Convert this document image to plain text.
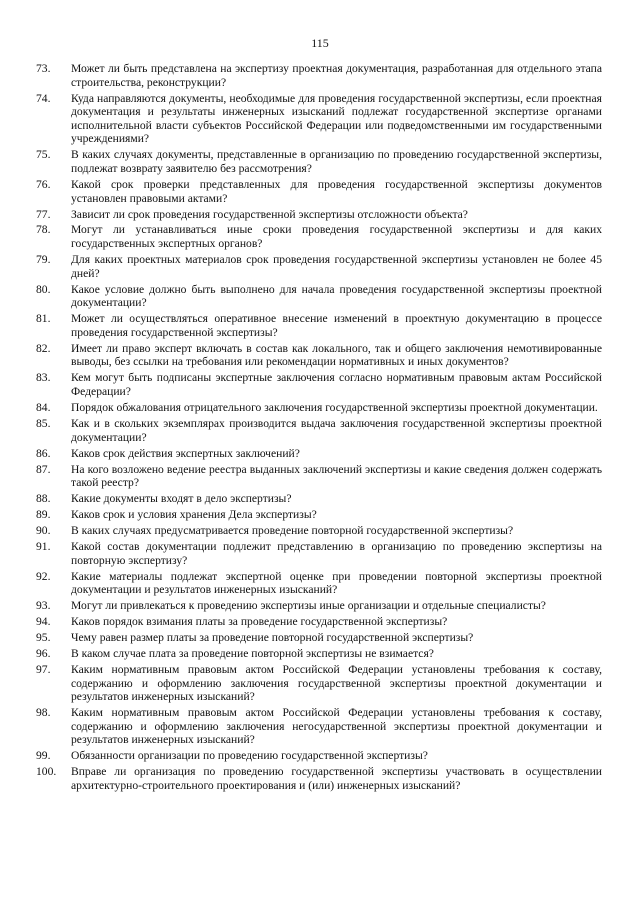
115
73.	Может ли быть представлена на экспертизу проектная документация, разработанная для отдельного этапа строительства, реконструкции?
74.	Куда направляются документы, необходимые для проведения государственной экспертизы, если проектная документация и результаты инженерных изысканий подлежат государственной экспертизе органами исполнительной власти субъектов Российской Федерации или подведомственными им государственными учреждениями?
75.	В каких случаях документы, представленные в организацию по проведению государственной экспертизы, подлежат возврату заявителю без рассмотрения?
76.	Какой срок проверки представленных для проведения государственной экспертизы документов установлен правовыми актами?
77.	Зависит ли срок проведения государственной экспертизы отсложности объекта?
78.	Могут ли устанавливаться иные сроки проведения государственной экспертизы и для каких государственных экспертных органов?
79.	Для каких проектных материалов срок проведения государственной экспертизы установлен не более 45 дней?
80.	Какое условие должно быть выполнено для начала проведения государственной экспертизы проектной документации?
81.	Может ли осуществляться оперативное внесение изменений в проектную документацию в процессе проведения государственной экспертизы?
82.	Имеет ли право эксперт включать в состав как локального, так и общего заключения немотивированные выводы, без ссылки на требования или рекомендации нормативных и иных документов?
83.	Кем могут быть подписаны экспертные заключения согласно нормативным правовым актам Российской Федерации?
84.	Порядок обжалования отрицательного заключения государственной экспертизы проектной документации.
85.	Как и в скольких экземплярах производится выдача заключения государственной экспертизы проектной документации?
86.	Каков срок действия экспертных заключений?
87.	На кого возложено ведение реестра выданных заключений экспертизы и какие сведения должен содержать такой реестр?
88.	Какие документы входят в дело экспертизы?
89.	Каков срок и условия хранения Дела экспертизы?
90.	В каких случаях предусматривается проведение повторной государственной экспертизы?
91.	Какой состав документации подлежит представлению в организацию по проведению экспертизы на повторную экспертизу?
92.	Какие материалы подлежат экспертной оценке при проведении повторной экспертизы проектной документации и результатов инженерных изысканий?
93.	Могут ли привлекаться к проведению экспертизы иные организации и отдельные специалисты?
94.	Каков порядок взимания платы за проведение государственной экспертизы?
95.	Чему равен размер платы за проведение повторной государственной экспертизы?
96.	В каком случае плата за проведение повторной экспертизы не взимается?
97.	Каким нормативным правовым актом Российской Федерации установлены требования к составу, содержанию и оформлению заключения государственной экспертизы проектной документации и результатов инженерных изысканий?
98.	Каким нормативным правовым актом Российской Федерации установлены требования к составу, содержанию и оформлению заключения негосударственной экспертизы проектной документации и результатов инженерных изысканий?
99.	Обязанности организации по проведению государственной экспертизы?
100.	Вправе ли организация по проведению государственной экспертизы участвовать в осуществлении архитектурно-строительного проектирования и (или) инженерных изысканий?
